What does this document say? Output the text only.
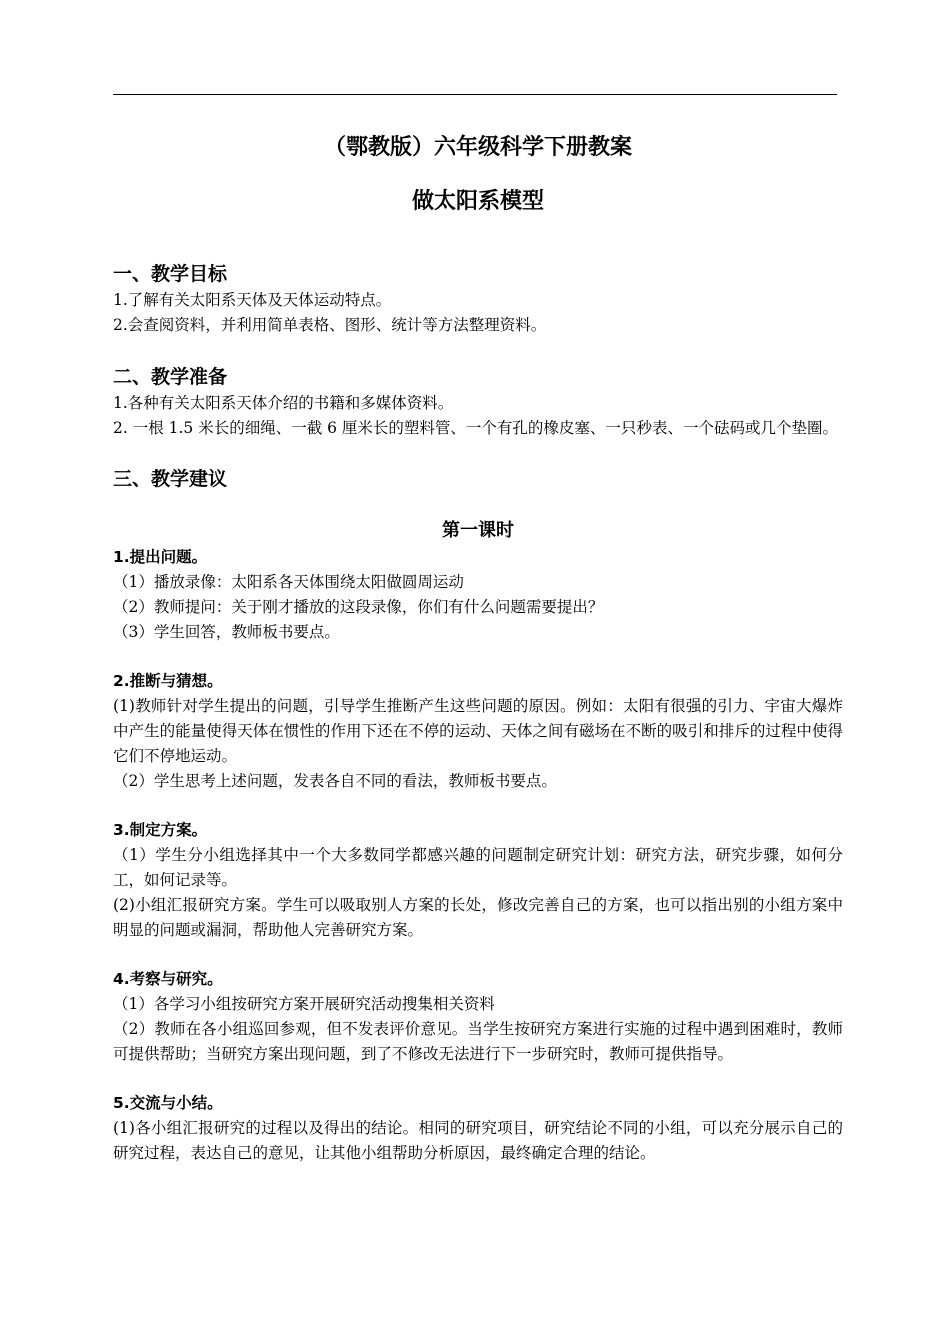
（鄂教版）六年级科学下册教案
做太阳系模型
一、教学目标

1.了解有关太阳系天体及天体运动特点。

2.会查阅资料，并利用简单表格、图形、统计等方法整理资料。

二、教学准备

1.各种有关太阳系天体介绍的书籍和多媒体资料。

2. 一根 1.5 米长的细绳、一截 6 厘米长的塑料管、一个有孔的橡皮塞、一只秒表、一个砝码或几个垫圈。

三、教学建议
第一课时

1.提出问题。

（1）播放录像：太阳系各天体围绕太阳做圆周运动

（2）教师提问：关于刚才播放的这段录像，你们有什么问题需要提出？

（3）学生回答，教师板书要点。

2.推断与猜想。

(1)教师针对学生提出的问题，引导学生推断产生这些问题的原因。例如：太阳有很强的引力、宇宙大爆炸中产生的能量使得天体在惯性的作用下还在不停的运动、天体之间有磁场在不断的吸引和排斥的过程中使得它们不停地运动。

（2）学生思考上述问题，发表各自不同的看法，教师板书要点。

3.制定方案。

（1）学生分小组选择其中一个大多数同学都感兴趣的问题制定研究计划：研究方法，研究步骤，如何分工，如何记录等。

(2)小组汇报研究方案。学生可以吸取别人方案的长处，修改完善自己的方案，也可以指出别的小组方案中明显的问题或漏洞，帮助他人完善研究方案。

4.考察与研究。

（1）各学习小组按研究方案开展研究活动搜集相关资料

（2）教师在各小组巡回参观，但不发表评价意见。当学生按研究方案进行实施的过程中遇到困难时，教师可提供帮助；当研究方案出现问题，到了不修改无法进行下一步研究时，教师可提供指导。

5.交流与小结。

(1)各小组汇报研究的过程以及得出的结论。相同的研究项目，研究结论不同的小组，可以充分展示自己的研究过程，表达自己的意见，让其他小组帮助分析原因，最终确定合理的结论。
